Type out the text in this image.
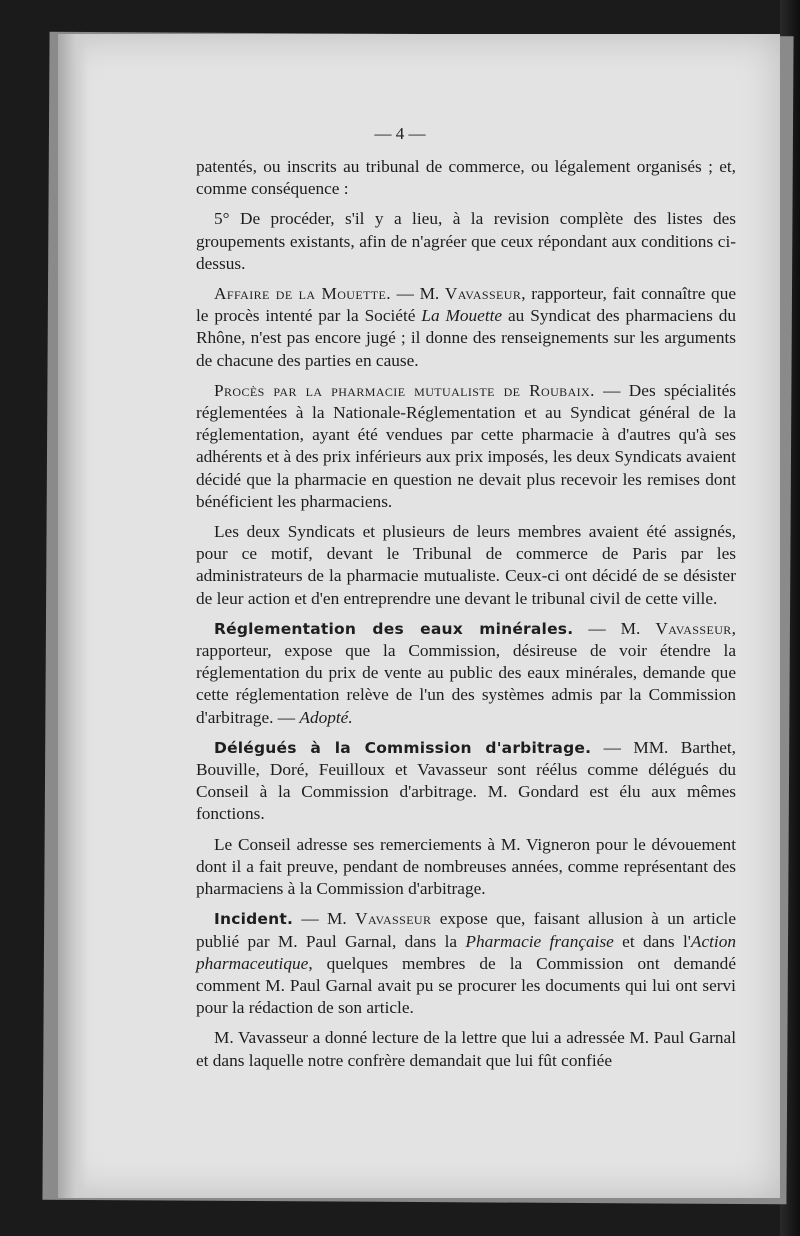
— 4 —

patentés, ou inscrits au tribunal de commerce, ou légalement organisés ; et, comme conséquence :

5° De procéder, s'il y a lieu, à la revision complète des listes des groupements existants, afin de n'agréer que ceux répondant aux conditions ci-dessus.

Affaire de la Mouette. — M. Vavasseur, rapporteur, fait connaître que le procès intenté par la Société La Mouette au Syndicat des pharmaciens du Rhône, n'est pas encore jugé ; il donne des renseignements sur les arguments de chacune des parties en cause.

Procès par la pharmacie mutualiste de Roubaix. — Des spécialités réglementées à la Nationale-Réglementation et au Syndicat général de la réglementation, ayant été vendues par cette pharmacie à d'autres qu'à ses adhérents et à des prix inférieurs aux prix imposés, les deux Syndicats avaient décidé que la pharmacie en question ne devait plus recevoir les remises dont bénéficient les pharmaciens.

Les deux Syndicats et plusieurs de leurs membres avaient été assignés, pour ce motif, devant le Tribunal de commerce de Paris par les administrateurs de la pharmacie mutualiste. Ceux-ci ont décidé de se désister de leur action et d'en entreprendre une devant le tribunal civil de cette ville.

Réglementation des eaux minérales. — M. Vavasseur, rapporteur, expose que la Commission, désireuse de voir étendre la réglementation du prix de vente au public des eaux minérales, demande que cette réglementation relève de l'un des systèmes admis par la Commission d'arbitrage. — Adopté.

Délégués à la Commission d'arbitrage. — MM. Barthet, Bouville, Doré, Feuilloux et Vavasseur sont réélus comme délégués du Conseil à la Commission d'arbitrage. M. Gondard est élu aux mêmes fonctions.

Le Conseil adresse ses remerciements à M. Vigneron pour le dévouement dont il a fait preuve, pendant de nombreuses années, comme représentant des pharmaciens à la Commission d'arbitrage.

Incident. — M. Vavasseur expose que, faisant allusion à un article publié par M. Paul Garnal, dans la Pharmacie française et dans l'Action pharmaceutique, quelques membres de la Commission ont demandé comment M. Paul Garnal avait pu se procurer les documents qui lui ont servi pour la rédaction de son article.

M. Vavasseur a donné lecture de la lettre que lui a adressée M. Paul Garnal et dans laquelle notre confrère demandait que lui fût confiée
